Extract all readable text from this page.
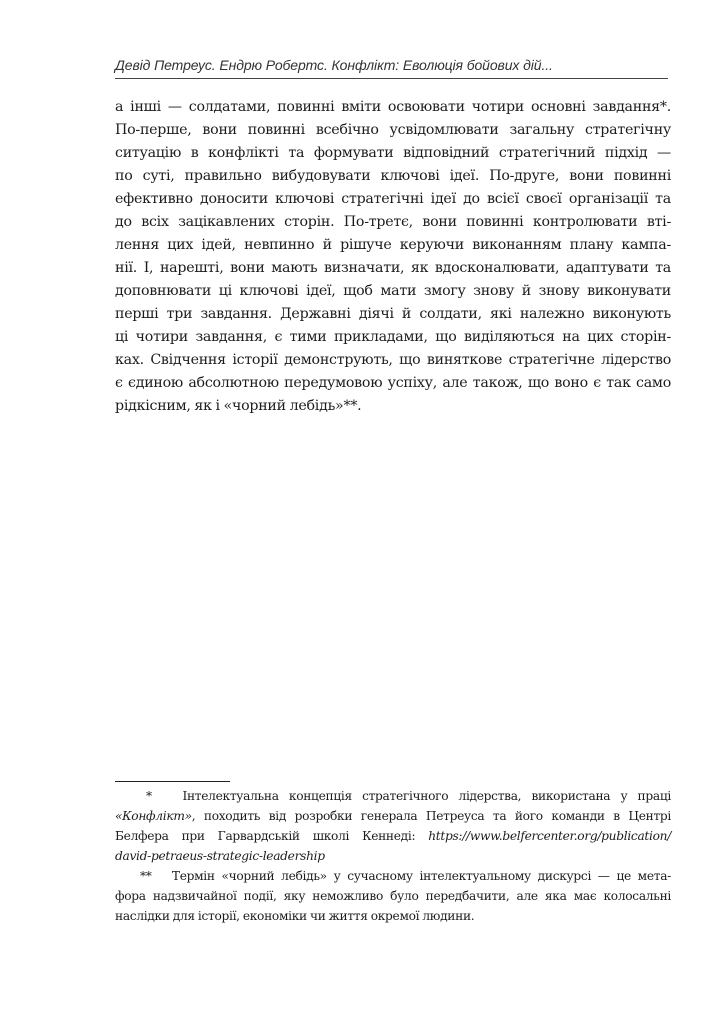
Девід Петреус. Ендрю Робертс. Конфлікт: Еволюція бойових дій...
а інші — солдатами, повинні вміти освоювати чотири основні завдання*.
По-перше, вони повинні всебічно усвідомлювати загальну стратегічну
ситуацію в конфлікті та формувати відповідний стратегічний підхід —
по суті, правильно вибудовувати ключові ідеї. По-друге, вони повинні
ефективно доносити ключові стратегічні ідеї до всієї своєї організації та
до всіх зацікавлених сторін. По-третє, вони повинні контролювати вті-
лення цих ідей, невпинно й рішуче керуючи виконанням плану кампа-
нії. І, нарешті, вони мають визначати, як вдосконалювати, адаптувати та
доповнювати ці ключові ідеї, щоб мати змогу знову й знову виконувати
перші три завдання. Державні діячі й солдати, які належно виконують
ці чотири завдання, є тими прикладами, що виділяються на цих сторін-
ках. Свідчення історії демонструють, що виняткове стратегічне лідерство
є єдиною абсолютною передумовою успіху, але також, що воно є так само
рідкісним, як і «чорний лебідь»**.
*	Інтелектуальна концепція стратегічного лідерства, використана у праці
«Конфлікт», походить від розробки генерала Петреуса та його команди в Центрі
Белфера при Гарвардській школі Кеннеді: https://www.belfercenter.org/publication/
david-petraeus-strategic-leadership
** Термін «чорний лебідь» у сучасному інтелектуальному дискурсі — це мета-
фора надзвичайної події, яку неможливо було передбачити, але яка має колосальні
наслідки для історії, економіки чи життя окремої людини.
